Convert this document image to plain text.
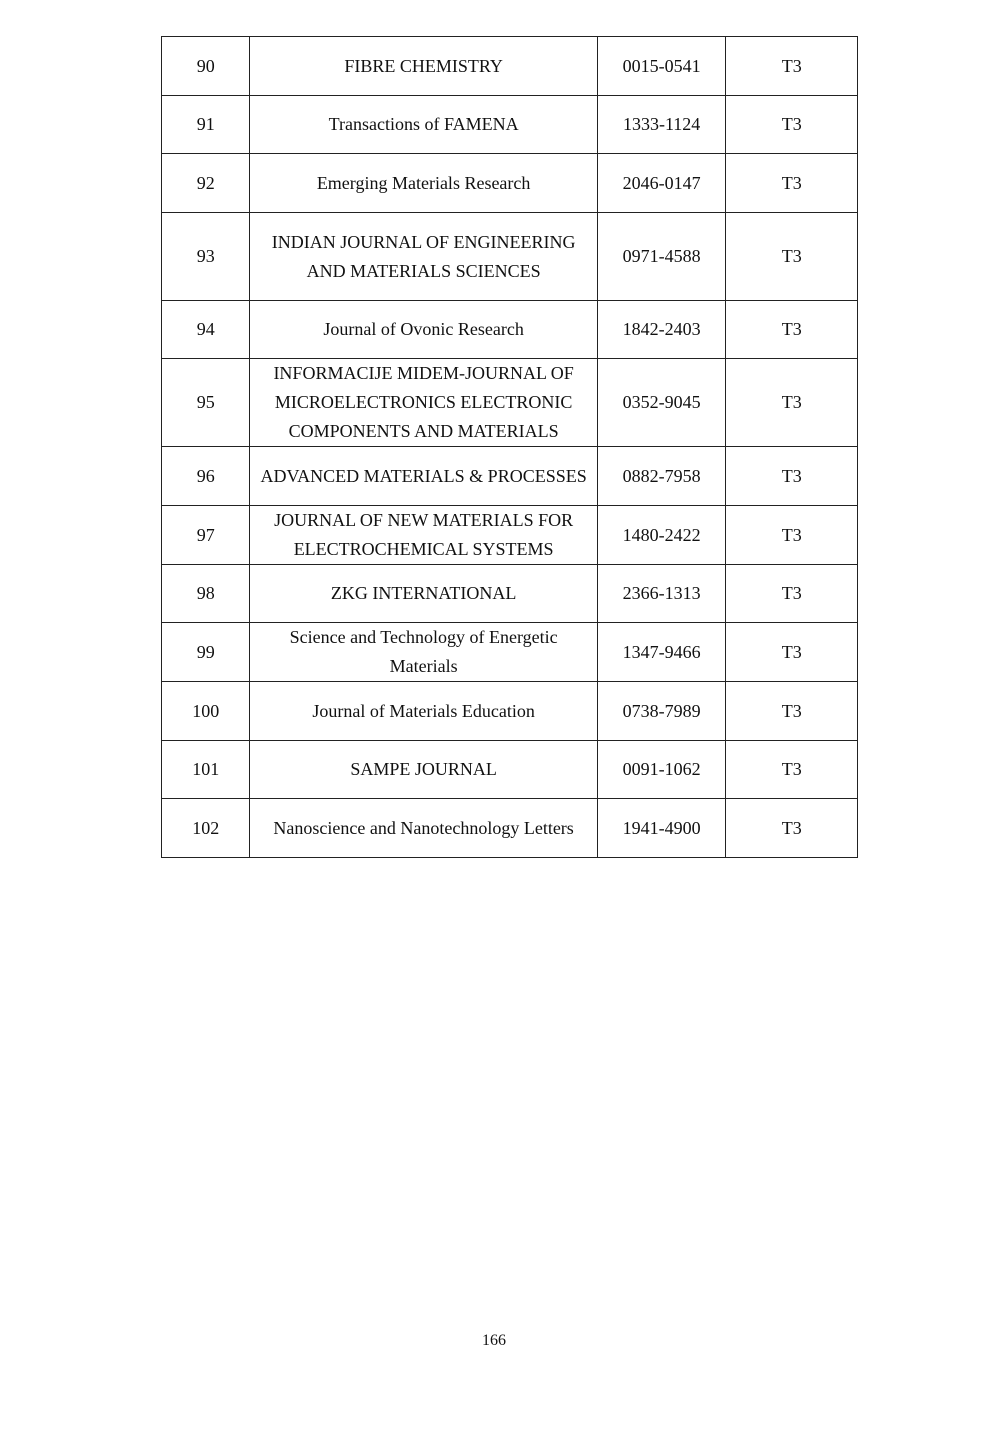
90	FIBRE CHEMISTRY	0015-0541	T3
91	Transactions of FAMENA	1333-1124	T3
92	Emerging Materials Research	2046-0147	T3
93	INDIAN JOURNAL OF ENGINEERING AND MATERIALS SCIENCES	0971-4588	T3
94	Journal of Ovonic Research	1842-2403	T3
95	INFORMACIJE MIDEM-JOURNAL OF MICROELECTRONICS ELECTRONIC COMPONENTS AND MATERIALS	0352-9045	T3
96	ADVANCED MATERIALS & PROCESSES	0882-7958	T3
97	JOURNAL OF NEW MATERIALS FOR ELECTROCHEMICAL SYSTEMS	1480-2422	T3
98	ZKG INTERNATIONAL	2366-1313	T3
99	Science and Technology of Energetic Materials	1347-9466	T3
100	Journal of Materials Education	0738-7989	T3
101	SAMPE JOURNAL	0091-1062	T3
102	Nanoscience and Nanotechnology Letters	1941-4900	T3
166
